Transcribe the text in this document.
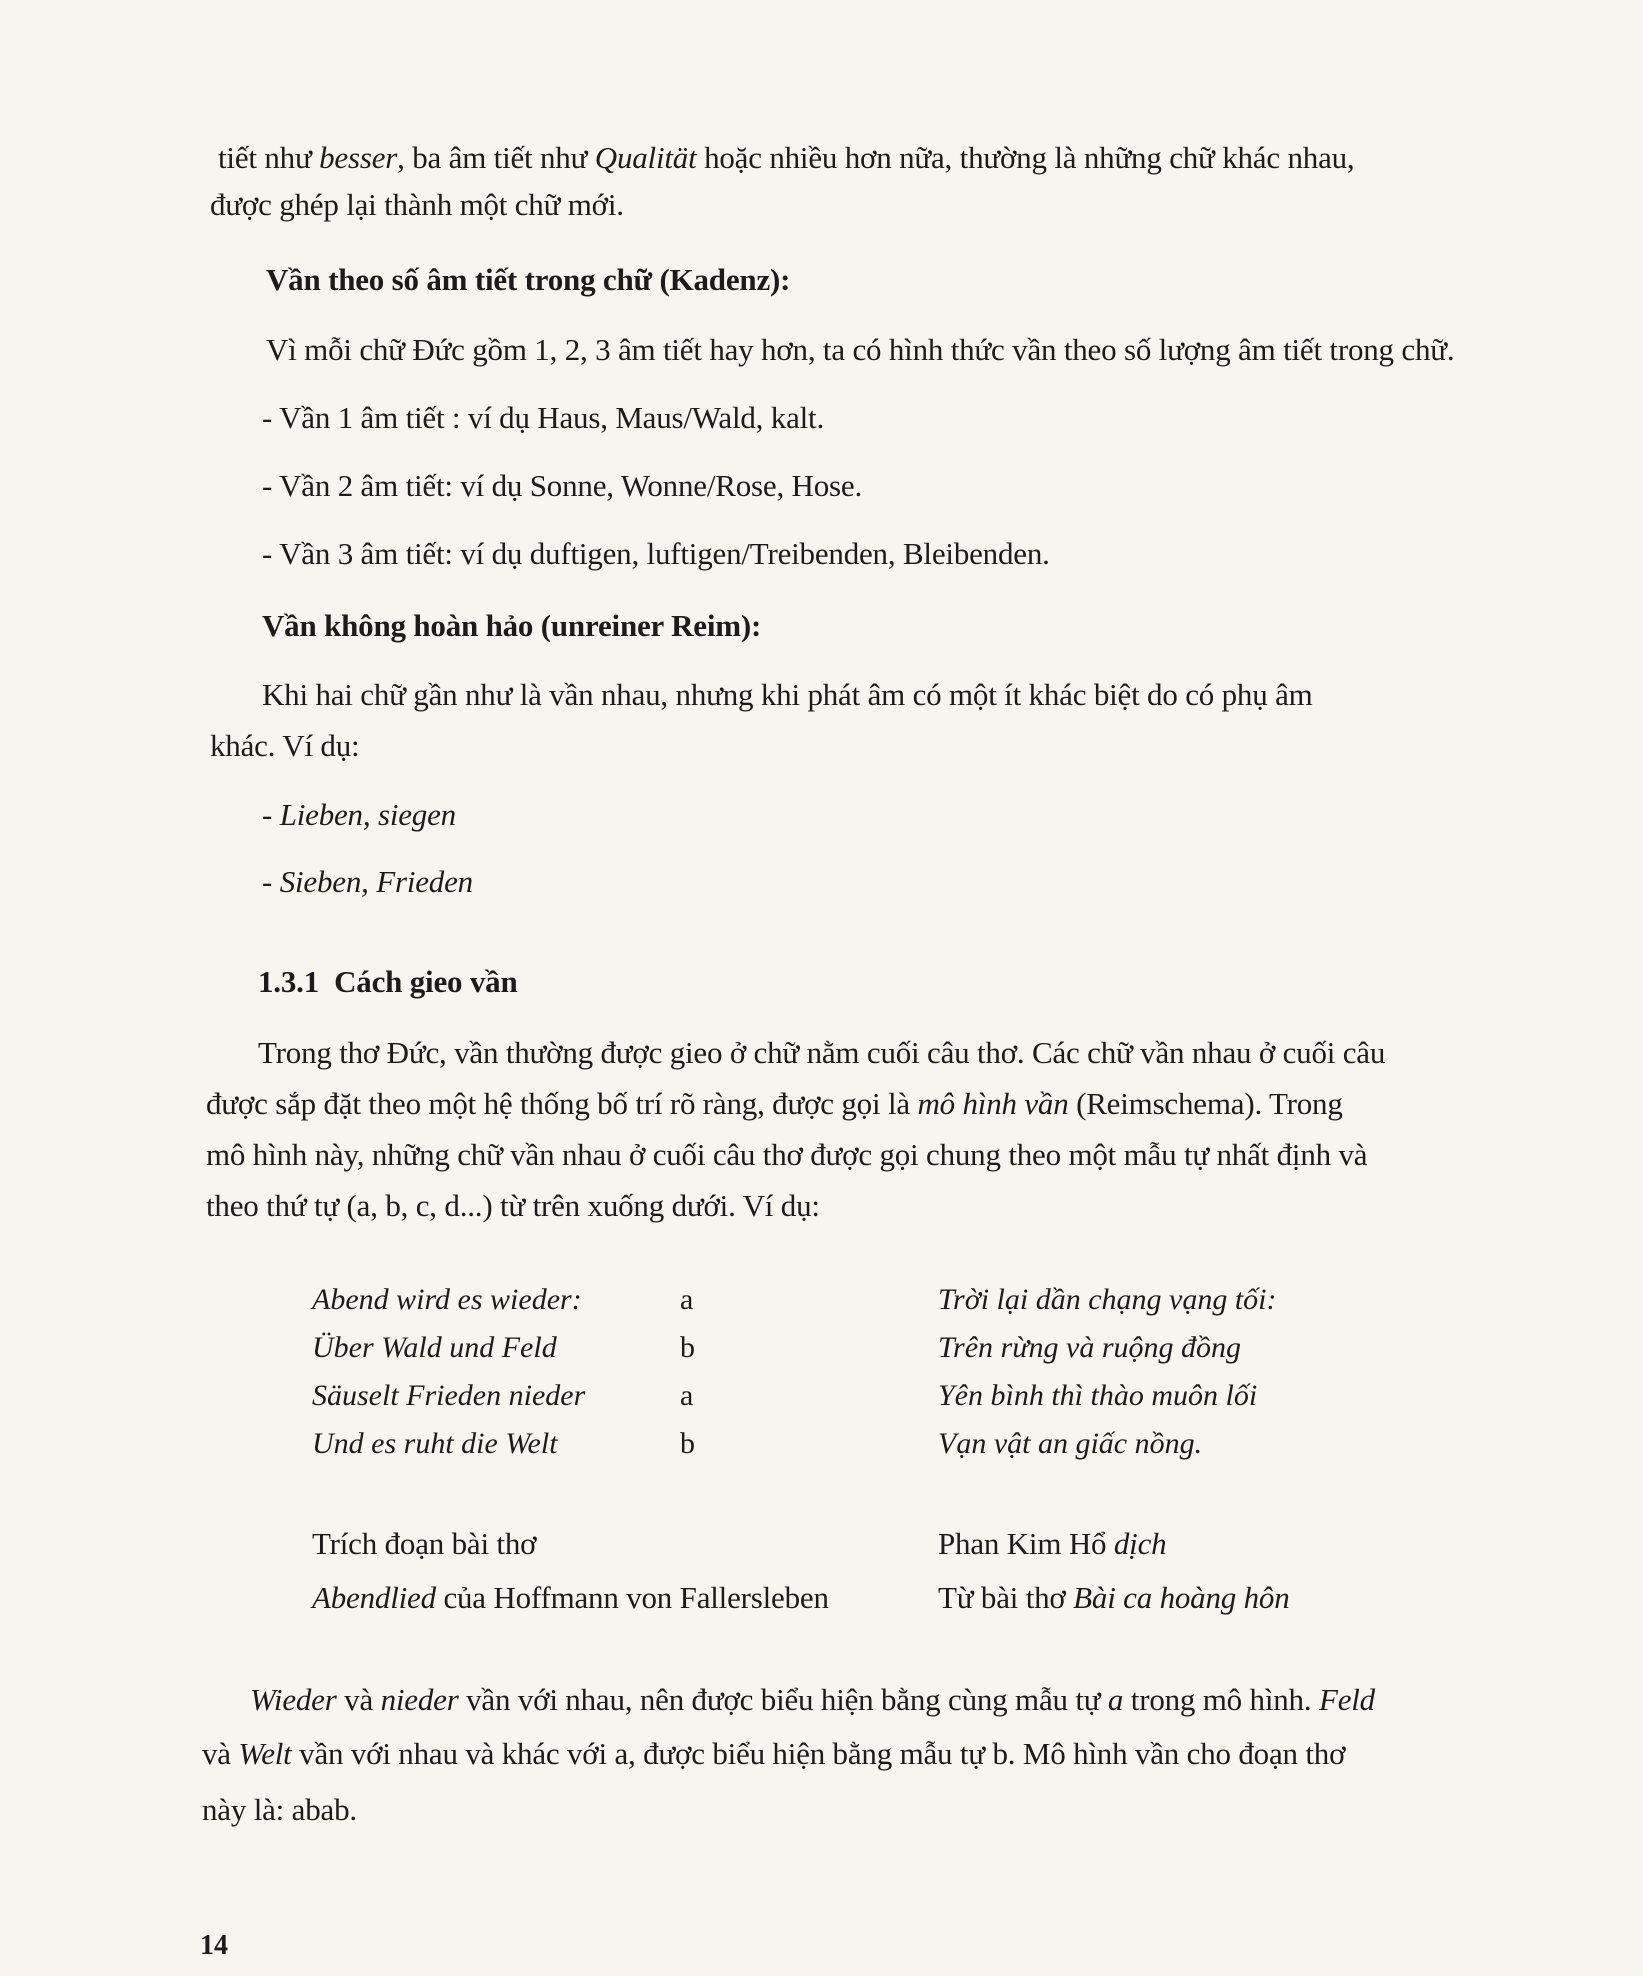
tiết như besser, ba âm tiết như Qualität hoặc nhiều hơn nữa, thường là những chữ khác nhau,
được ghép lại thành một chữ mới.
Vần theo số âm tiết trong chữ (Kadenz):
Vì mỗi chữ Đức gồm 1, 2, 3 âm tiết hay hơn, ta có hình thức vần theo số lượng âm tiết trong chữ.
- Vần 1 âm tiết : ví dụ Haus, Maus/Wald, kalt.
- Vần 2 âm tiết: ví dụ Sonne, Wonne/Rose, Hose.
- Vần 3 âm tiết: ví dụ duftigen, luftigen/Treibenden, Bleibenden.
Vần không hoàn hảo (unreiner Reim):
Khi hai chữ gần như là vần nhau, nhưng khi phát âm có một ít khác biệt do có phụ âm
khác. Ví dụ:
- Lieben, siegen
- Sieben, Frieden
1.3.1 Cách gieo vần
Trong thơ Đức, vần thường được gieo ở chữ nằm cuối câu thơ. Các chữ vần nhau ở cuối câu
được sắp đặt theo một hệ thống bố trí rõ ràng, được gọi là mô hình vần (Reimschema). Trong
mô hình này, những chữ vần nhau ở cuối câu thơ được gọi chung theo một mẫu tự nhất định và
theo thứ tự (a, b, c, d...) từ trên xuống dưới. Ví dụ:
Abend wird es wieder:
Über Wald und Feld
Säuselt Frieden nieder
Und es ruht die Welt
a
b
a
b
Trời lại dần chạng vạng tối:
Trên rừng và ruộng đồng
Yên bình thì thào muôn lối
Vạn vật an giấc nồng.
Trích đoạn bài thơ
Abendlied của Hoffmann von Fallersleben
Phan Kim Hổ dịch
Từ bài thơ Bài ca hoàng hôn
Wieder và nieder vần với nhau, nên được biểu hiện bằng cùng mẫu tự a trong mô hình. Feld
và Welt vần với nhau và khác với a, được biểu hiện bằng mẫu tự b. Mô hình vần cho đoạn thơ
này là: abab.
14
